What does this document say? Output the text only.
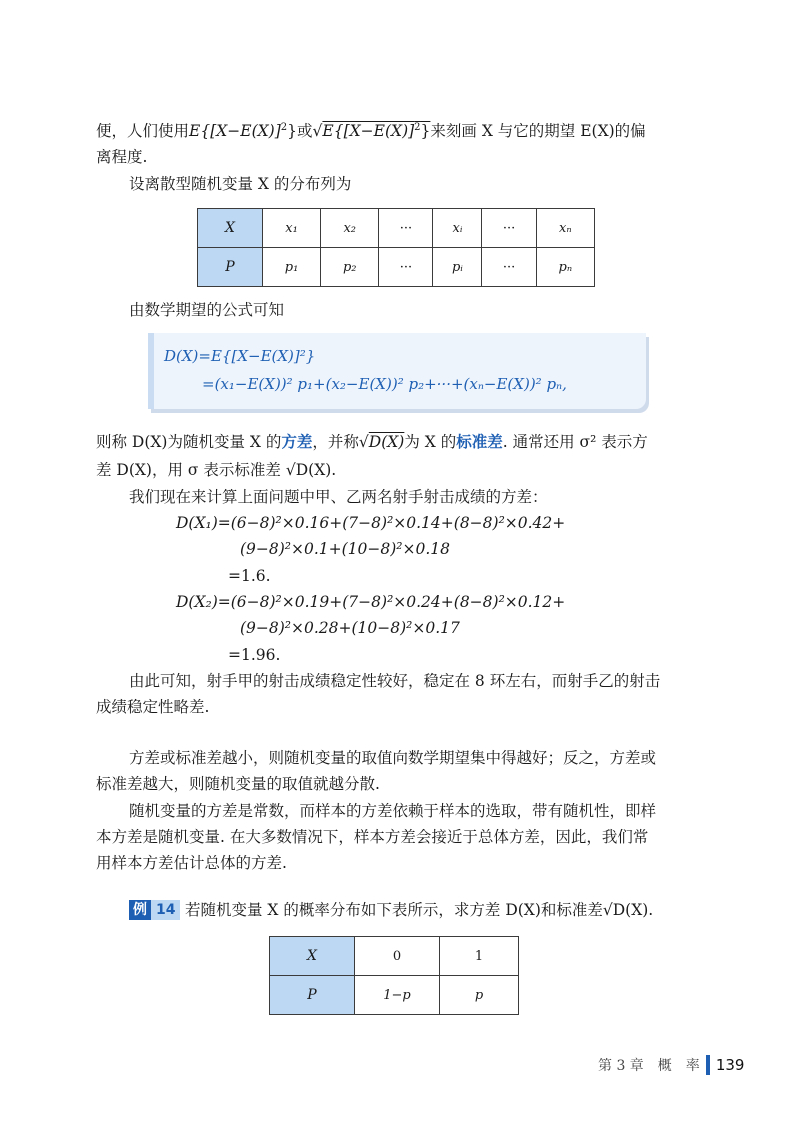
便，人们使用$E\{[X-E(X)]^2\}$或$√E\{[X-E(X)]^2\}$来刻画 X 与它的期望 E(X)的偏
离程度.
设离散型随机变量 X 的分布列为
X	x₁	x₂	···	xᵢ	···	xₙ
P	p₁	p₂	···	pᵢ	···	pₙ
由数学期望的公式可知
D(X)=E{[X−E(X)]²}
=(x₁−E(X))² p₁+(x₂−E(X))² p₂+···+(xₙ−E(X))² pₙ,
则称 D(X)为随机变量 X 的方差，并称√D(X)为 X 的标准差. 通常还用 σ² 表示方
差 D(X)，用 σ 表示标准差 √D(X).
我们现在来计算上面问题中甲、乙两名射手射击成绩的方差：
D(X₁)=(6−8)²×0.16+(7−8)²×0.14+(8−8)²×0.42+
(9−8)²×0.1+(10−8)²×0.18
=1.6.
D(X₂)=(6−8)²×0.19+(7−8)²×0.24+(8−8)²×0.12+
(9−8)²×0.28+(10−8)²×0.17
=1.96.
由此可知，射手甲的射击成绩稳定性较好，稳定在 8 环左右，而射手乙的射击
成绩稳定性略差.
方差或标准差越小，则随机变量的取值向数学期望集中得越好；反之，方差或
标准差越大，则随机变量的取值就越分散.
随机变量的方差是常数，而样本的方差依赖于样本的选取，带有随机性，即样
本方差是随机变量. 在大多数情况下，样本方差会接近于总体方差，因此，我们常
用样本方差估计总体的方差.
例 14 若随机变量 X 的概率分布如下表所示，求方差 D(X)和标准差√D(X).
X	0	1
P	1−p	p
第 3 章　概　率 139
